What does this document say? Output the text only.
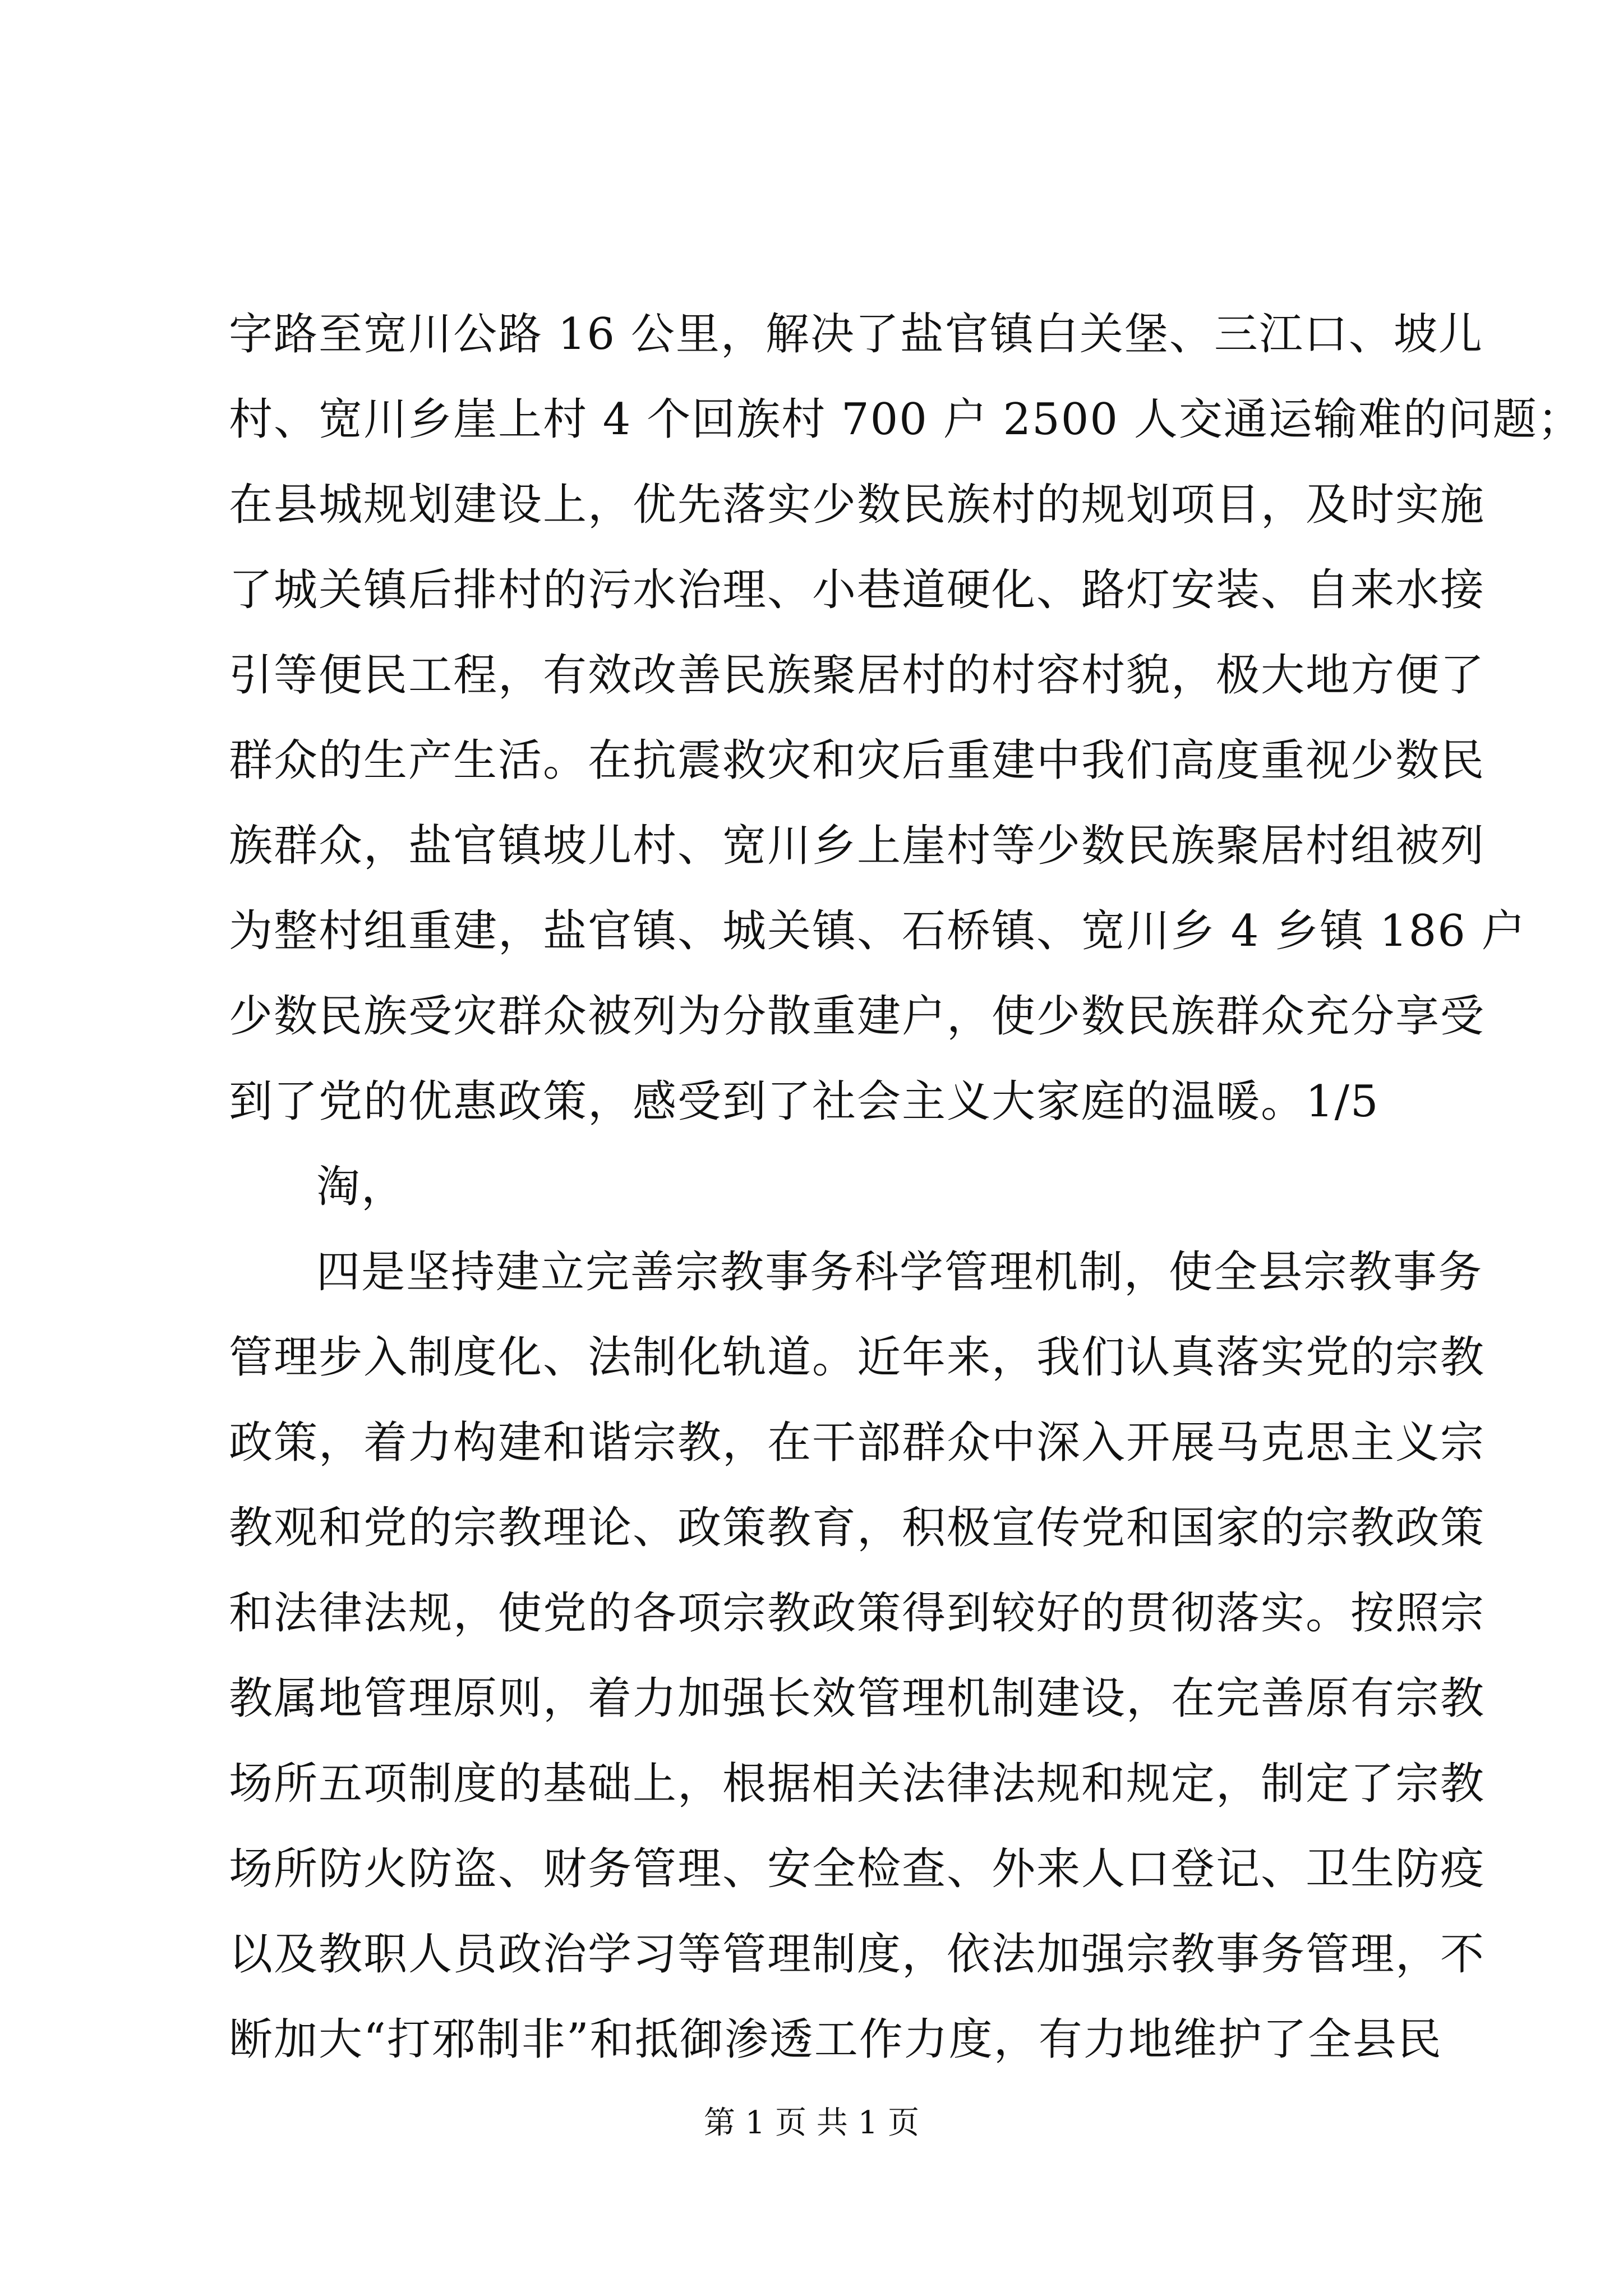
字路至宽川公路 16 公里，解决了盐官镇白关堡、三江口、坡儿
村、宽川乡崖上村 4 个回族村 700 户 2500 人交通运输难的问题；
在县城规划建设上，优先落实少数民族村的规划项目，及时实施
了城关镇后排村的污水治理、小巷道硬化、路灯安装、自来水接
引等便民工程，有效改善民族聚居村的村容村貌，极大地方便了
群众的生产生活。在抗震救灾和灾后重建中我们高度重视少数民
族群众，盐官镇坡儿村、宽川乡上崖村等少数民族聚居村组被列
为整村组重建，盐官镇、城关镇、石桥镇、宽川乡 4 乡镇 186 户
少数民族受灾群众被列为分散重建户，使少数民族群众充分享受
到了党的优惠政策，感受到了社会主义大家庭的温暖。1/5
淘，
四是坚持建立完善宗教事务科学管理机制，使全县宗教事务
管理步入制度化、法制化轨道。近年来，我们认真落实党的宗教
政策，着力构建和谐宗教，在干部群众中深入开展马克思主义宗
教观和党的宗教理论、政策教育，积极宣传党和国家的宗教政策
和法律法规，使党的各项宗教政策得到较好的贯彻落实。按照宗
教属地管理原则，着力加强长效管理机制建设，在完善原有宗教
场所五项制度的基础上，根据相关法律法规和规定，制定了宗教
场所防火防盗、财务管理、安全检查、外来人口登记、卫生防疫
以及教职人员政治学习等管理制度，依法加强宗教事务管理，不
断加大“打邪制非”和抵御渗透工作力度，有力地维护了全县民
第 1 页 共 1 页
